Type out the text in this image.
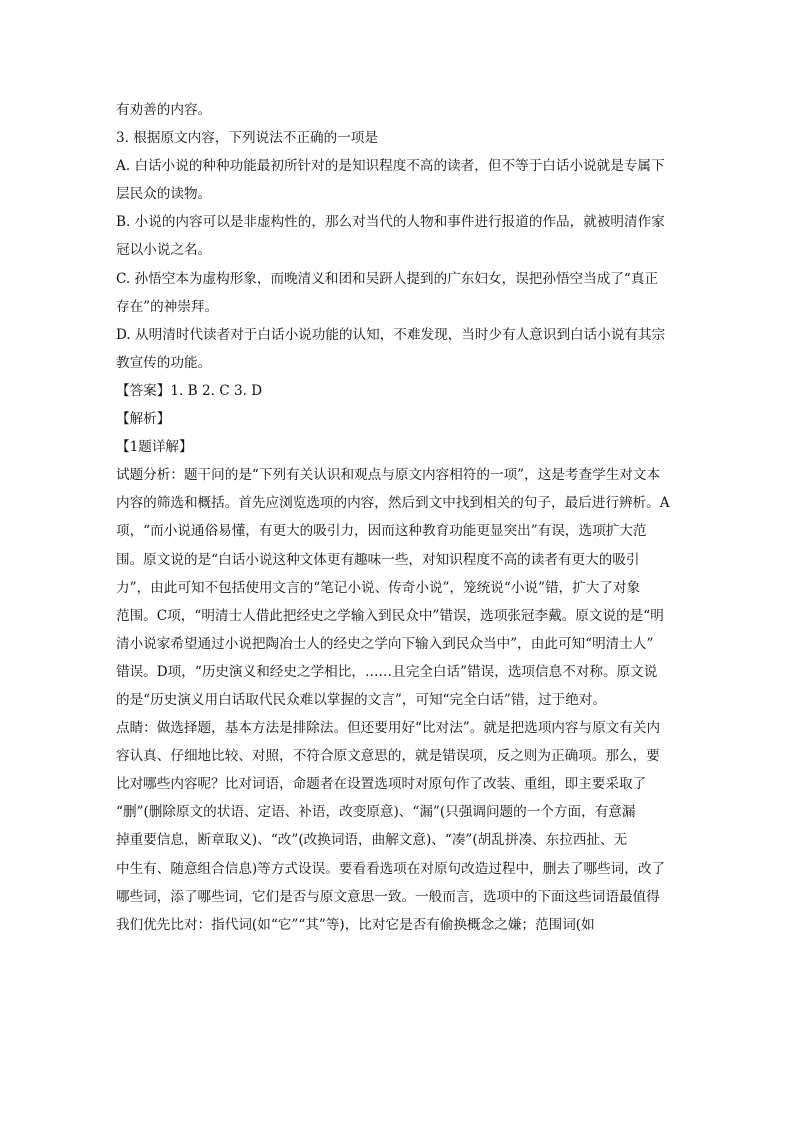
有劝善的内容。
3. 根据原文内容，下列说法不正确的一项是
A. 白话小说的种种功能最初所针对的是知识程度不高的读者，但不等于白话小说就是专属下
层民众的读物。
B. 小说的内容可以是非虚构性的，那么对当代的人物和事件进行报道的作品，就被明清作家
冠以小说之名。
C. 孙悟空本为虚构形象，而晚清义和团和吴趼人提到的广东妇女，误把孙悟空当成了“真正
存在”的神崇拜。
D. 从明清时代读者对于白话小说功能的认知，不难发现，当时少有人意识到白话小说有其宗
教宣传的功能。
【答案】1. B 2. C 3. D
【解析】
【1题详解】
试题分析：题干问的是“下列有关认识和观点与原文内容相符的一项”，这是考查学生对文本
内容的筛选和概括。首先应浏览选项的内容，然后到文中找到相关的句子，最后进行辨析。A
项，“而小说通俗易懂，有更大的吸引力，因而这种教育功能更显突出”有误，选项扩大范
围。原文说的是“白话小说这种文体更有趣味一些，对知识程度不高的读者有更大的吸引
力”，由此可知不包括使用文言的“笔记小说、传奇小说”，笼统说“小说”错，扩大了对象
范围。C项，“明清士人借此把经史之学输入到民众中”错误，选项张冠李戴。原文说的是“明
清小说家希望通过小说把陶冶士人的经史之学向下输入到民众当中”，由此可知“明清士人”
错误。D项，“历史演义和经史之学相比，……且完全白话”错误，选项信息不对称。原文说
的是“历史演义用白话取代民众难以掌握的文言”，可知“完全白话”错，过于绝对。
点睛：做选择题，基本方法是排除法。但还要用好“比对法”。就是把选项内容与原文有关内
容认真、仔细地比较、对照，不符合原文意思的，就是错误项，反之则为正确项。那么，要
比对哪些内容呢？比对词语，命题者在设置选项时对原句作了改装、重组，即主要采取了
“删”(删除原文的状语、定语、补语，改变原意)、“漏”(只强调问题的一个方面，有意漏
掉重要信息，断章取义)、“改”(改换词语，曲解文意)、“凑”(胡乱拼凑、东拉西扯、无
中生有、随意组合信息)等方式设误。要看看选项在对原句改造过程中，删去了哪些词，改了
哪些词，添了哪些词，它们是否与原文意思一致。一般而言，选项中的下面这些词语最值得
我们优先比对：指代词(如“它”“其”等)，比对它是否有偷换概念之嫌；范围词(如
